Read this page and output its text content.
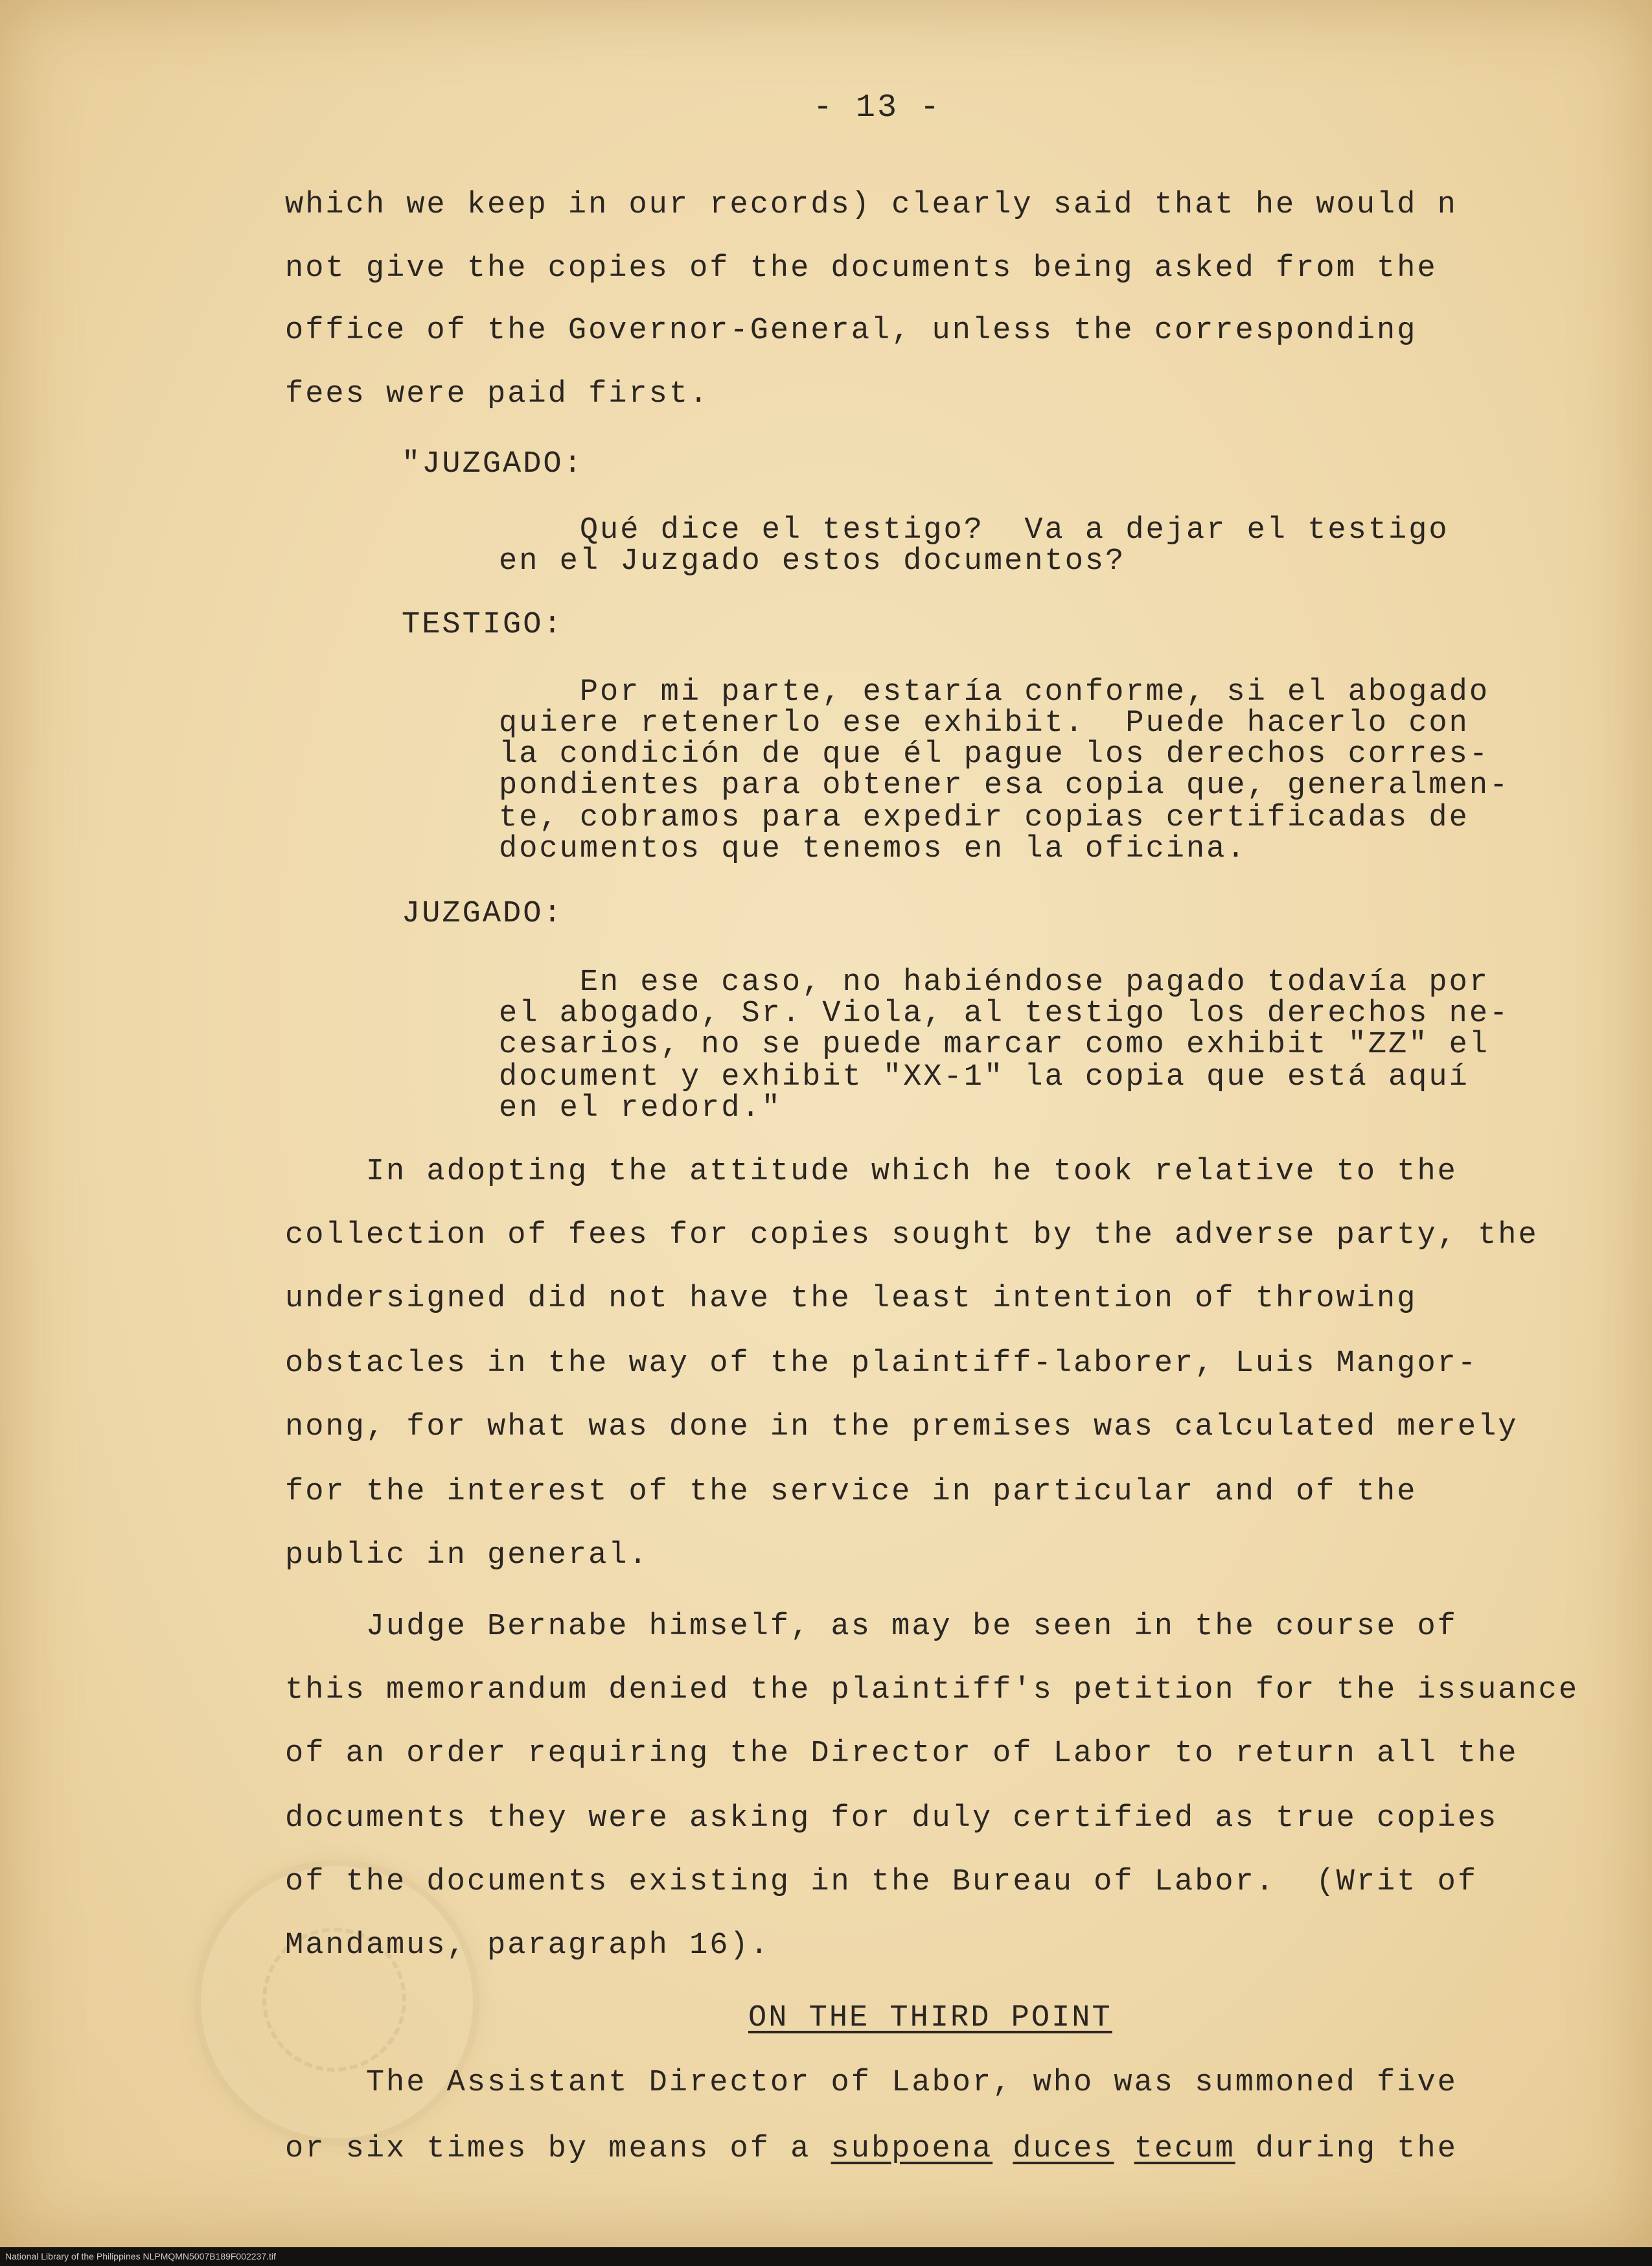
- 13 -

which we keep in our records) clearly said that he would n

not give the copies of the documents being asked from the

office of the Governor-General, unless the corresponding

fees were paid first.

"JUZGADO:

Qué dice el testigo?  Va a dejar el testigo

en el Juzgado estos documentos?

TESTIGO:

Por mi parte, estaría conforme, si el abogado

quiere retenerlo ese exhibit.  Puede hacerlo con

la condición de que él pague los derechos corres-

pondientes para obtener esa copia que, generalmen-

te, cobramos para expedir copias certificadas de

documentos que tenemos en la oficina.

JUZGADO:

En ese caso, no habiéndose pagado todavía por

el abogado, Sr. Viola, al testigo los derechos ne-

cesarios, no se puede marcar como exhibit "ZZ" el

document y exhibit "XX-1" la copia que está aquí

en el redord."

In adopting the attitude which he took relative to the

collection of fees for copies sought by the adverse party, the

undersigned did not have the least intention of throwing

obstacles in the way of the plaintiff-laborer, Luis Mangor-

nong, for what was done in the premises was calculated merely

for the interest of the service in particular and of the

public in general.

Judge Bernabe himself, as may be seen in the course of

this memorandum denied the plaintiff's petition for the issuance

of an order requiring the Director of Labor to return all the

documents they were asking for duly certified as true copies

of the documents existing in the Bureau of Labor.  (Writ of

Mandamus, paragraph 16).

ON THE THIRD POINT

The Assistant Director of Labor, who was summoned five

or six times by means of a subpoena duces tecum during the

National Library of the Philippines NLPMQMN5007B189F002237.tif
